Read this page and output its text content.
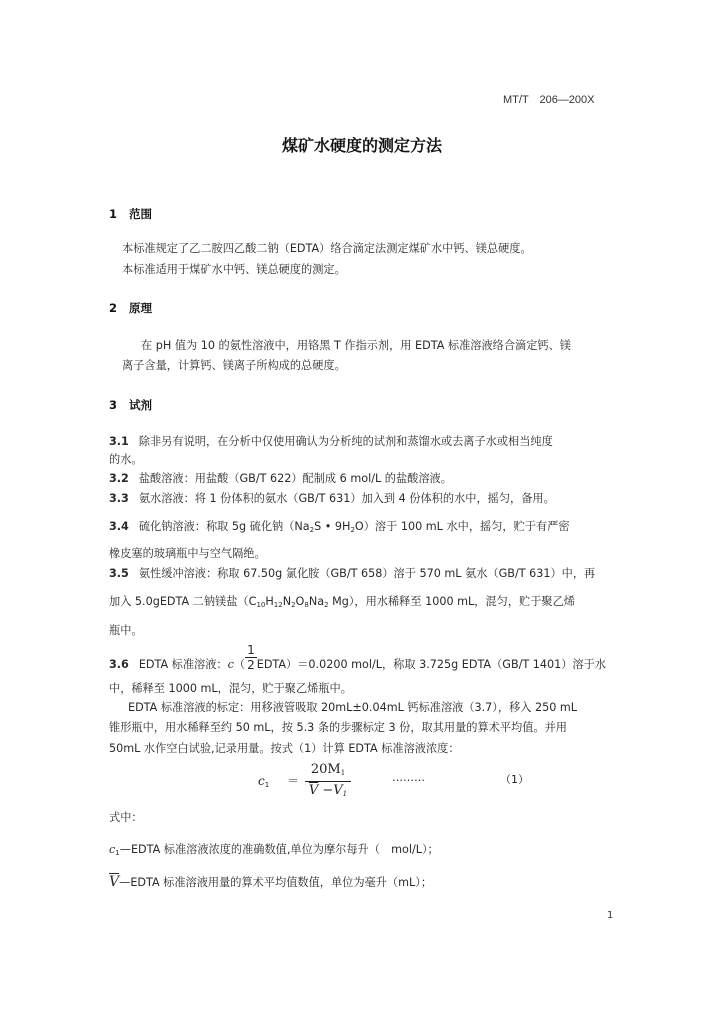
MT/T　206—200X
煤矿水硬度的测定方法
1 范围
本标准规定了乙二胺四乙酸二钠（EDTA）络合滴定法测定煤矿水中钙、镁总硬度。
本标准适用于煤矿水中钙、镁总硬度的测定。
2 原理
在 pH 值为 10 的氨性溶液中，用铬黑 T 作指示剂，用 EDTA 标准溶液络合滴定钙、镁
离子含量，计算钙、镁离子所构成的总硬度。
3 试剂
3.1 除非另有说明，在分析中仅使用确认为分析纯的试剂和蒸馏水或去离子水或相当纯度
的水。
3.2 盐酸溶液：用盐酸（GB/T 622）配制成 6 mol/L 的盐酸溶液。
3.3 氨水溶液：将 1 份体积的氨水（GB/T 631）加入到 4 份体积的水中，摇匀，备用。
3.4 硫化钠溶液：称取 5g 硫化钠（Na2S • 9H2O）溶于 100 mL 水中，摇匀，贮于有严密
橡皮塞的玻璃瓶中与空气隔绝。
3.5 氨性缓冲溶液：称取 67.50g 氯化胺（GB/T 658）溶于 570 mL 氨水（GB/T 631）中，再
加入 5.0gEDTA 二钠镁盐（C10H12N2O8Na2 Mg），用水稀释至 1000 mL，混匀，贮于聚乙烯
瓶中。
3.6 EDTA 标准溶液：$c( \frac{1}{2}$ EDTA）＝0.0200 mol/L，称取 3.725g EDTA（GB/T 1401）溶于水
中，稀释至 1000 mL，混匀，贮于聚乙烯瓶中。
EDTA 标准溶液的标定：用移液管吸取 20mL±0.04mL 钙标准溶液（3.7），移入 250 mL
锥形瓶中，用水稀释至约 50 mL，按 5.3 条的步骤标定 3 份，取其用量的算术平均值。并用
50mL 水作空白试验,记录用量。按式（1）计算 EDTA 标准溶液浓度：
$c_1 = \frac{20M1}{\overline{V} -V1}$	………	（1）
式中：
c1—EDTA 标准溶液浓度的准确数值,单位为摩尔每升（　mol/L）；
$\overline{V}—EDTA$ 标准溶液用量的算术平均值数值，单位为毫升（mL）；
1
